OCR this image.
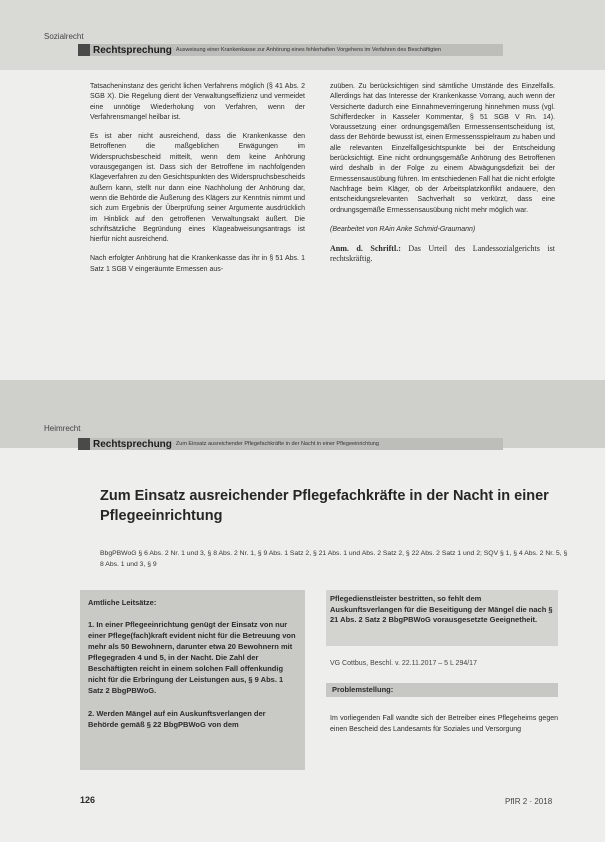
Sozialrecht
Rechtsprechung Ausweisung einer Krankenkasse zur Anhörung eines fehlerhaften Vorgehens im Verfahren des Beschäftigten

Tatsacheninstanz des gericht lichen Verfahrens möglich (§ 41 Abs. 2 SGB X). Die Regelung dient der Verwaltungseffizienz und vermeidet eine unnötige Wiederholung von Verfahren, wenn der Verfahrensmangel heilbar ist.

Es ist aber nicht ausreichend, dass die Krankenkasse den Betroffenen die maßgeblichen Erwägungen im Widerspruchsbescheid mitteilt, wenn dem keine Anhörung vorausgegangen ist. Dass sich der Betroffene im nachfolgenden Klageverfahren zu den Gesichtspunkten des Widerspruchsbescheids äußern kann, stellt nur dann eine Nachholung der Anhörung dar, wenn die Behörde die Äußerung des Klägers zur Kenntnis nimmt und sich zum Ergebnis der Überprüfung seiner Argumente ausdrücklich im Hinblick auf den getroffenen Verwaltungsakt äußert. Die schriftsätzliche Begründung eines Klageabweisungsantrags ist hierfür nicht ausreichend.

Nach erfolgter Anhörung hat die Krankenkasse das ihr in § 51 Abs. 1 Satz 1 SGB V eingeräumte Ermessen aus-

zuüben. Zu berücksichtigen sind sämtliche Umstände des Einzelfalls. Allerdings hat das Interesse der Krankenkasse Vorrang, auch wenn der Versicherte dadurch eine Einnahmeverringerung hinnehmen muss (vgl. Schifferdecker in Kasseler Kommentar, § 51 SGB V Rn. 14). Voraussetzung einer ordnungsgemäßen Ermessensentscheidung ist, dass der Behörde bewusst ist, einen Ermessensspielraum zu haben und alle relevanten Einzelfallgesichtspunkte bei der Entscheidung berücksichtigt. Eine nicht ordnungsgemäße Anhörung des Betroffenen wird deshalb in der Folge zu einem Abwägungsdefizit bei der Ermessensausübung führen. Im entschiedenen Fall hat die nicht erfolgte Nachfrage beim Kläger, ob der Arbeitsplatzkonflikt andauere, den entscheidungsrelevanten Sachverhalt so verkürzt, dass eine ordnungsgemäße Ermessensausübung nicht mehr möglich war.

(Bearbeitet von RAin Anke Schmid-Graumann)

Anm. d. Schriftl.: Das Urteil des Landessozialgerichts ist rechtskräftig.

Heimrecht
Rechtsprechung Zum Einsatz ausreichender Pflegefachkräfte in der Nacht in einer Pflegeeinrichtung
Zum Einsatz ausreichender Pflegefachkräfte in der Nacht in einer Pflegeeinrichtung
BbgPBWoG § 6 Abs. 2 Nr. 1 und 3, § 8 Abs. 2 Nr. 1, § 9 Abs. 1 Satz 2, § 21 Abs. 1 und Abs. 2 Satz 2, § 22 Abs. 2 Satz 1 und 2; SQV § 1, § 4 Abs. 2 Nr. 5, § 8 Abs. 1 und 3, § 9
Amtliche Leitsätze:

1. In einer Pflegeeinrichtung genügt der Einsatz von nur einer Pflege(fach)kraft evident nicht für die Betreuung von mehr als 50 Bewohnern, darunter etwa 20 Bewohnern mit Pflegegraden 4 und 5, in der Nacht. Die Zahl der Beschäftigten reicht in einem solchen Fall offenkundig nicht für die Erbringung der Leistungen aus, § 9 Abs. 1 Satz 2 BbgPBWoG.

2. Werden Mängel auf ein Auskunftsverlangen der Behörde gemäß § 22 BbgPBWoG von dem

Pflegedienstleister bestritten, so fehlt dem Auskunftsverlangen für die Beseitigung der Mängel die nach § 21 Abs. 2 Satz 2 BbgPBWoG vorausgesetzte Geeignetheit.
VG Cottbus, Beschl. v. 22.11.2017 – 5 L 294/17
Problemstellung:
Im vorliegenden Fall wandte sich der Betreiber eines Pflegeheims gegen einen Bescheid des Landesamts für Soziales und Versorgung
126	PfIR 2 · 2018
